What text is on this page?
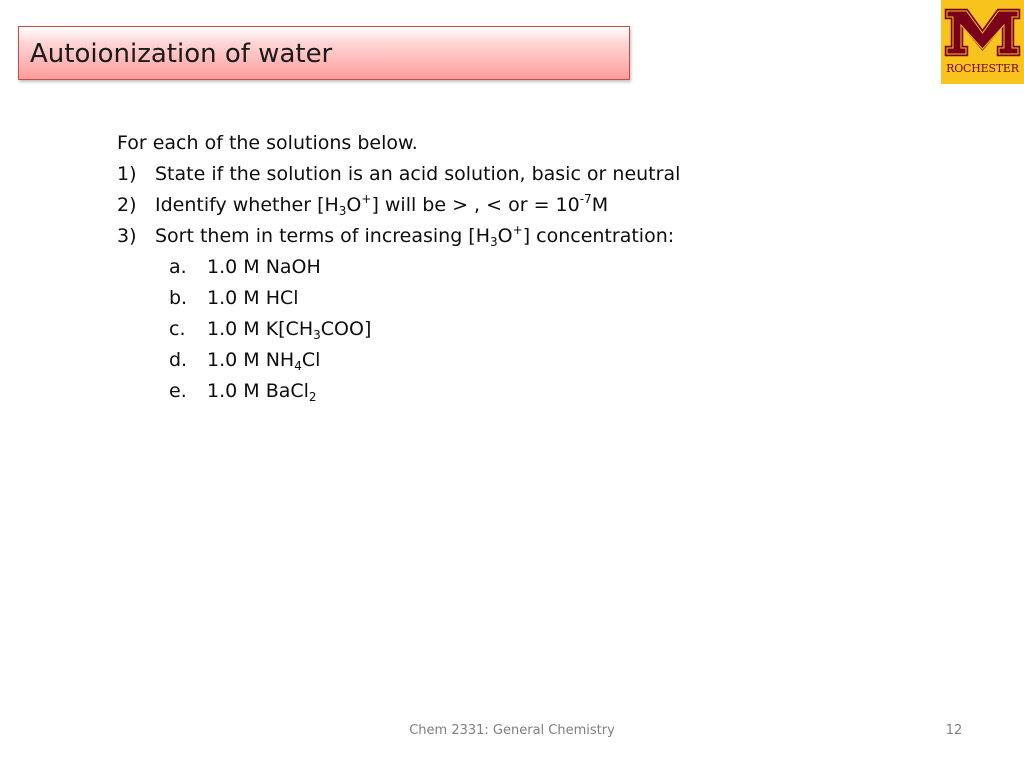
Autoionization of water	ROCHESTER
For each of the solutions below.
1) State if the solution is an acid solution, basic or neutral
2) Identify whether $[H_3O^+]$ will be > , < or = $10^{-7}M$
3) Sort them in terms of increasing $[H_3O^+]$ concentration:
a. 1.0 M NaOH
b. 1.0 M HCl
c. 1.0 M $K[CH_3COO]$
d. 1.0 M $NH_4Cl$
e. 1.0 M BaCl$_2$
Chem 2331: General Chemistry	12
